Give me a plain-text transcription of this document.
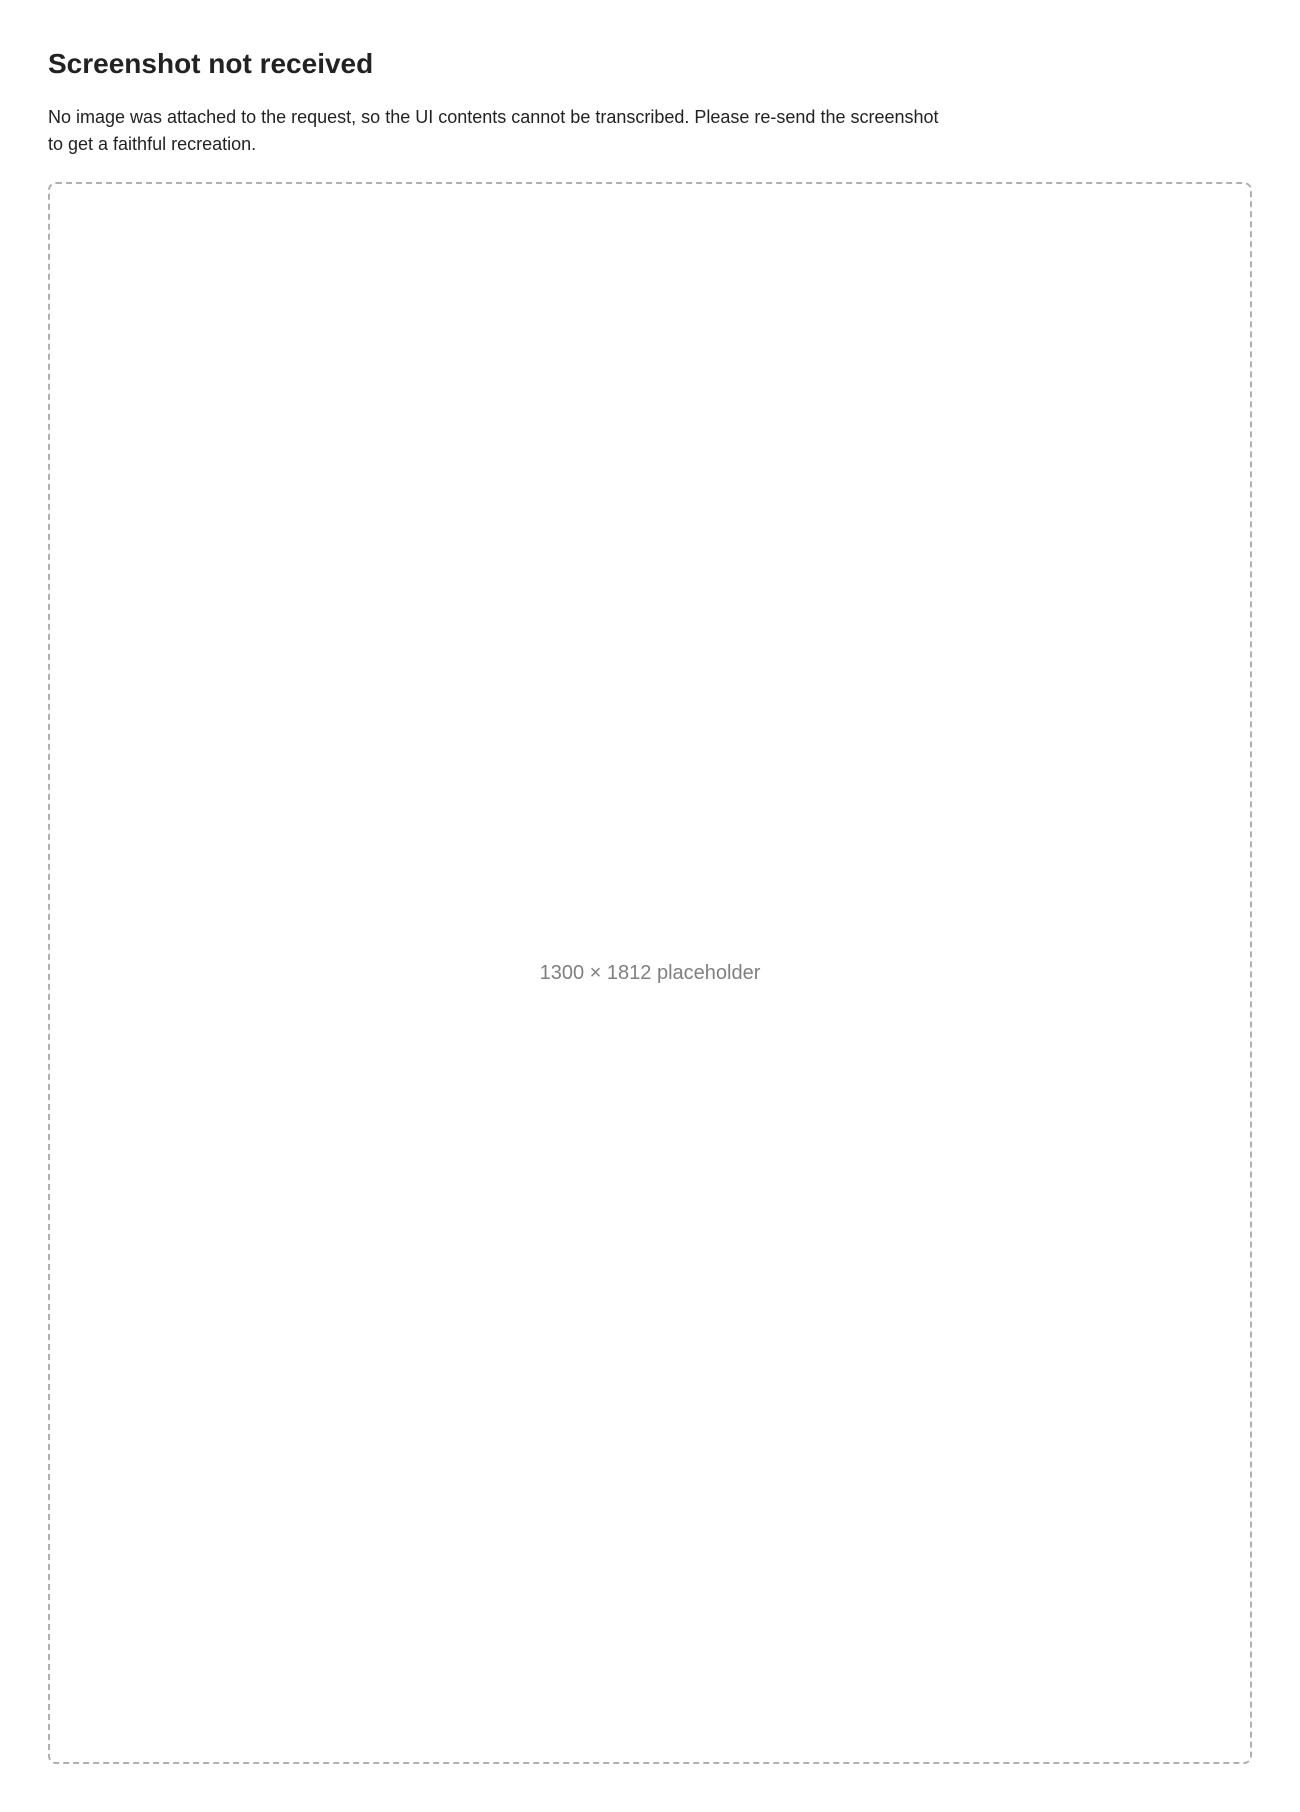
Screenshot not received
No image was attached to the request, so the UI contents cannot be transcribed. Please re-send the screenshot to get a faithful recreation.
1300 × 1812 placeholder
